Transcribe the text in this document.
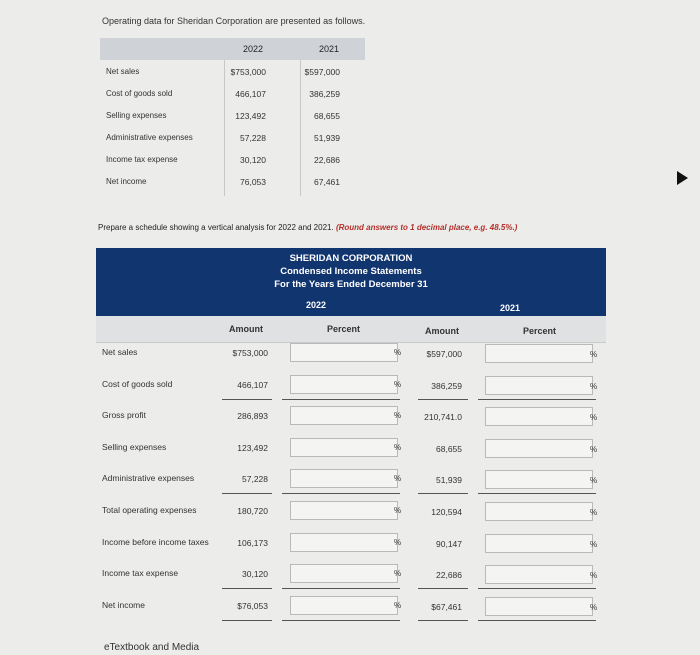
Operating data for Sheridan Corporation are presented as follows.
2022	2021
Net sales	$753,000	$597,000
Cost of goods sold	466,107	386,259
Selling expenses	123,492	68,655
Administrative expenses	57,228	51,939
Income tax expense	30,120	22,686
Net income	76,053	67,461
Prepare a schedule showing a vertical analysis for 2022 and 2021. (Round answers to 1 decimal place, e.g. 48.5%.)
SHERIDAN CORPORATION
Condensed Income Statements
For the Years Ended December 31
2022	2021
Amount	Percent	Amount	Percent
Net sales	$753,000	%	$597,000	%
Cost of goods sold	466,107	%	386,259	%
Gross profit	286,893	%	210,741.0	%
Selling expenses	123,492	%	68,655	%
Administrative expenses	57,228	%	51,939	%
Total operating expenses	180,720	%	120,594	%
Income before income taxes	106,173	%	90,147	%
Income tax expense	30,120	%	22,686	%
Net income	$76,053	%	$67,461	%
eTextbook and Media
